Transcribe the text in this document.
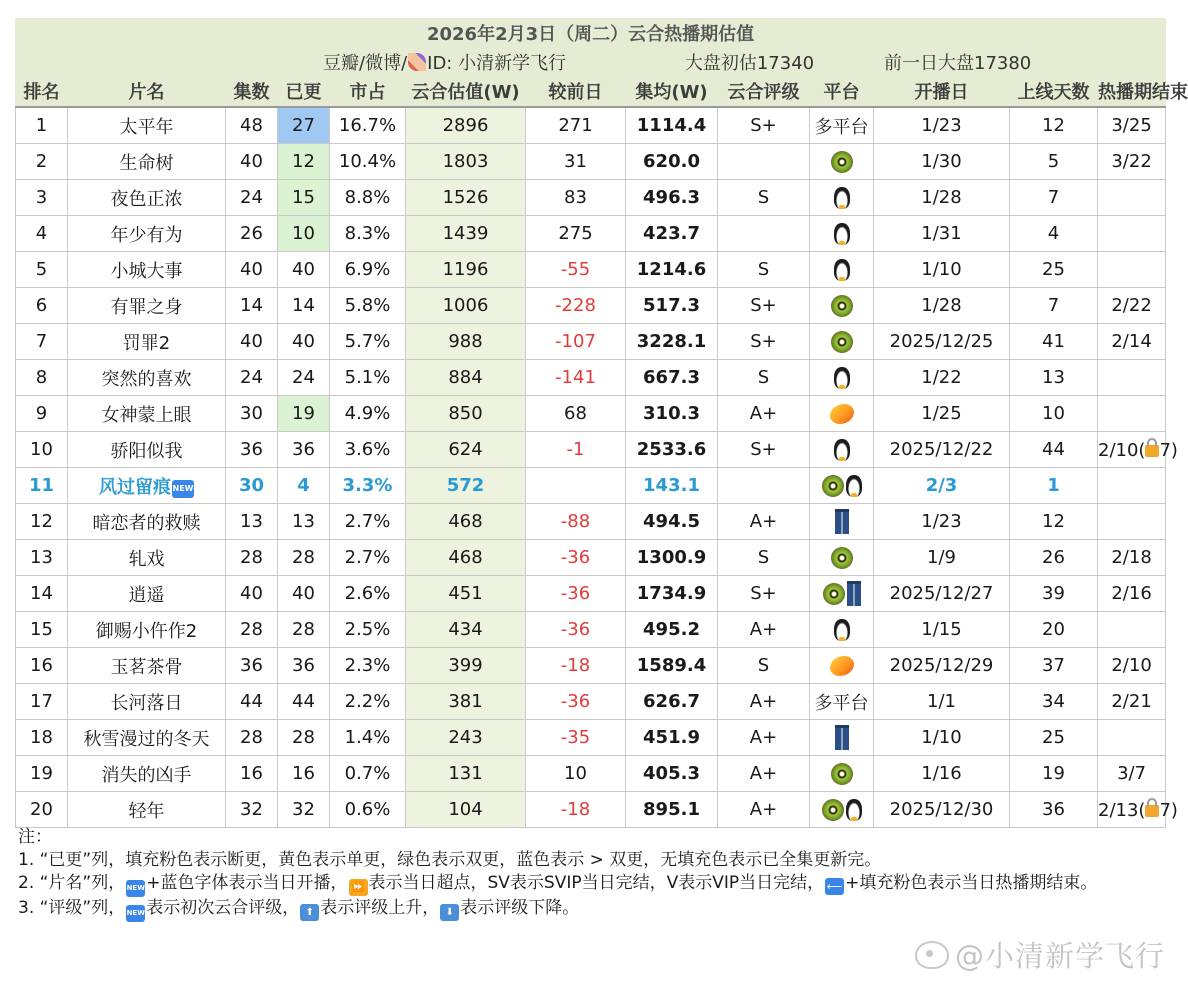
2026年2月3日（周二）云合热播期估值												
			豆瓣/微博/ ID: 小清新学飞行				大盘初估17340			前一日大盘17380		
排名	片名	集数	已更	市占	云合估值(W)	较前日	集均(W)	云合评级	平台	开播日	上线天数	热播期结束
1	太平年	48	27	16.7%	2896	271	1114.4	S+	多平台	1/23	12	3/25
2	生命树	40	12	10.4%	1803	31	620.0			1/30	5	3/22
3	夜色正浓	24	15	8.8%	1526	83	496.3	S		1/28	7	
4	年少有为	26	10	8.3%	1439	275	423.7			1/31	4	
5	小城大事	40	40	6.9%	1196	-55	1214.6	S		1/10	25	
6	有罪之身	14	14	5.8%	1006	-228	517.3	S+		1/28	7	2/22
7	罚罪2	40	40	5.7%	988	-107	3228.1	S+		2025/12/25	41	2/14
8	突然的喜欢	24	24	5.1%	884	-141	667.3	S		1/22	13	
9	女神蒙上眼	30	19	4.9%	850	68	310.3	A+		1/25	10	
10	骄阳似我	36	36	3.6%	624	-1	2533.6	S+		2025/12/22	44	2/10( 7)
11	风过留痕 NEW	30	4	3.3%	572		143.1			2/3	1	
12	暗恋者的救赎	13	13	2.7%	468	-88	494.5	A+		1/23	12	
13	轧戏	28	28	2.7%	468	-36	1300.9	S		1/9	26	2/18
14	逍遥	40	40	2.6%	451	-36	1734.9	S+		2025/12/27	39	2/16
15	御赐小仵作2	28	28	2.5%	434	-36	495.2	A+		1/15	20	
16	玉茗茶骨	36	36	2.3%	399	-18	1589.4	S		2025/12/29	37	2/10
17	长河落日	44	44	2.2%	381	-36	626.7	A+	多平台	1/1	34	2/21
18	秋雪漫过的冬天	28	28	1.4%	243	-35	451.9	A+		1/10	25	
19	消失的凶手	16	16	0.7%	131	10	405.3	A+		1/16	19	3/7
20	轻年	32	32	0.6%	104	-18	895.1	A+		2025/12/30	36	2/13( 7)

注：

1. “已更”列，填充粉色表示断更，黄色表示单更，绿色表示双更，蓝色表示 > 双更，无填充色表示已全集更新完。

2. “片名”列，NEW+蓝色字体表示当日开播， ⏩ 表示当日超点，SV表示SVIP当日完结，V表示VIP当日完结， ⟵ +填充粉色表示当日热播期结束。

3. “评级”列，NEW表示初次云合评级， ⬆ 表示评级上升， ⬇ 表示评级下降。

@小清新学飞行
